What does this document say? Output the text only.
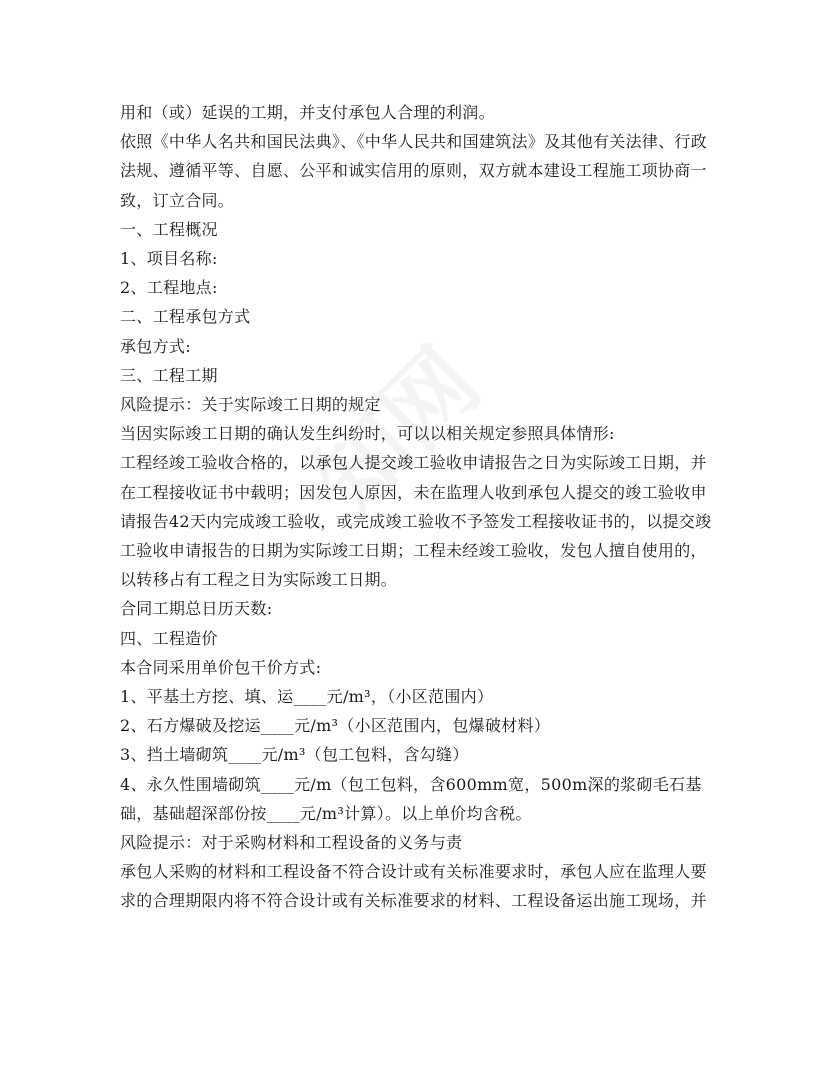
用和（或）延误的工期，并支付承包人合理的利润。

依照《中华人名共和国民法典》、《中华人民共和国建筑法》及其他有关法律、行政法规、遵循平等、自愿、公平和诚实信用的原则，双方就本建设工程施工项协商一致，订立合同。

一、工程概况

1、项目名称:

2、工程地点:

二、工程承包方式

承包方式:

三、工程工期

风险提示：关于实际竣工日期的规定

当因实际竣工日期的确认发生纠纷时，可以以相关规定参照具体情形:

工程经竣工验收合格的，以承包人提交竣工验收申请报告之日为实际竣工日期，并在工程接收证书中载明；因发包人原因，未在监理人收到承包人提交的竣工验收申请报告42天内完成竣工验收，或完成竣工验收不予签发工程接收证书的，以提交竣工验收申请报告的日期为实际竣工日期；工程未经竣工验收，发包人擅自使用的，以转移占有工程之日为实际竣工日期。

合同工期总日历天数:

四、工程造价

本合同采用单价包干价方式:

1、平基土方挖、填、运____元/m³，（小区范围内）

2、石方爆破及挖运____元/m³（小区范围内，包爆破材料）

3、挡土墙砌筑____元/m³（包工包料，含勾缝）

4、永久性围墙砌筑____元/m（包工包料，含600mm宽，500m深的浆砌毛石基础，基础超深部份按____元/m³计算）。以上单价均含税。

风险提示：对于采购材料和工程设备的义务与责

承包人采购的材料和工程设备不符合设计或有关标准要求时，承包人应在监理人要求的合理期限内将不符合设计或有关标准要求的材料、工程设备运出施工现场，并
